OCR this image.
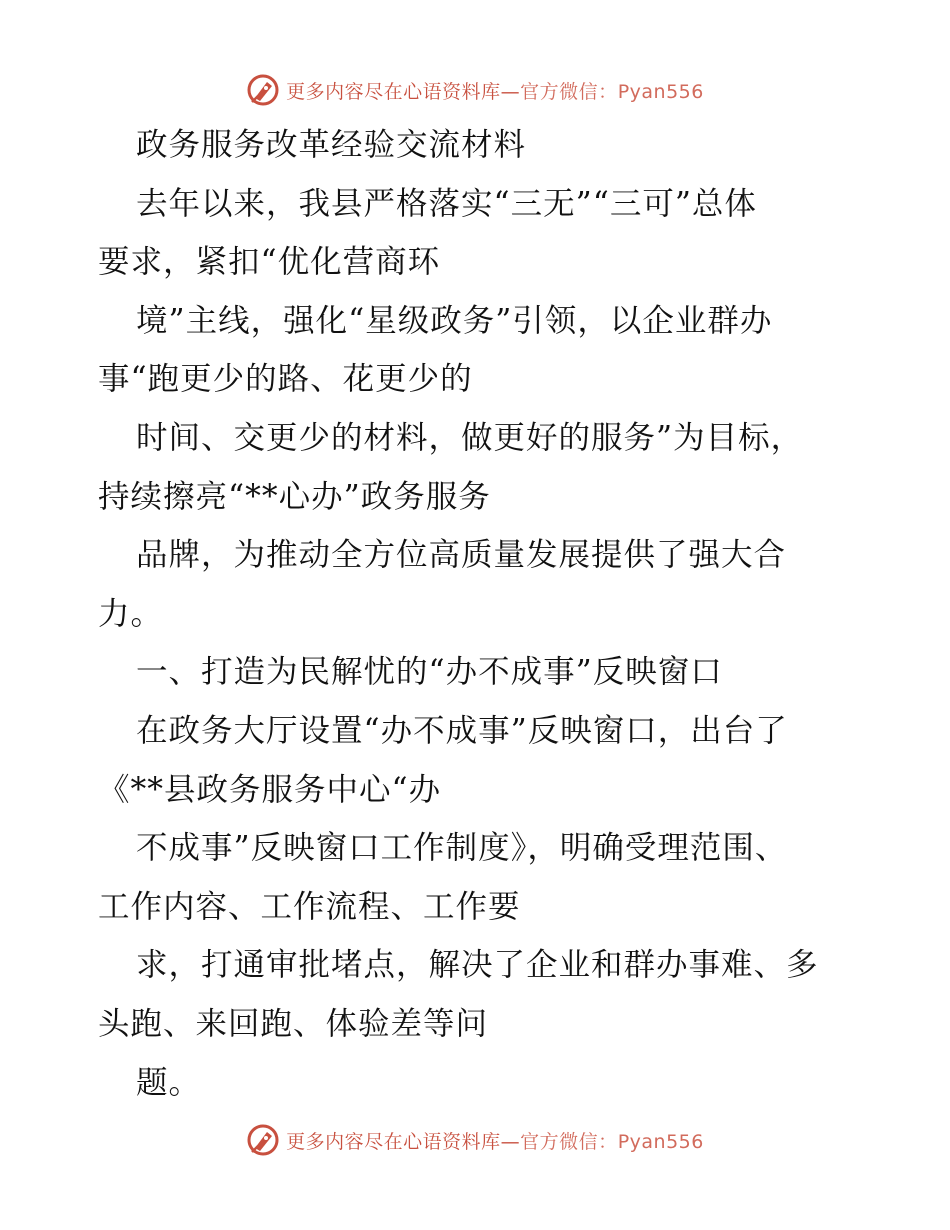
更多内容尽在心语资料库—官方微信：Pyan556
政务服务改革经验交流材料
去年以来，我县严格落实“三无”“三可”总体
要求，紧扣“优化营商环
境”主线，强化“星级政务”引领，以企业群办
事“跑更少的路、花更少的
时间、交更少的材料，做更好的服务”为目标，
持续擦亮“**心办”政务服务
品牌，为推动全方位高质量发展提供了强大合
力。
一、打造为民解忧的“办不成事”反映窗口
在政务大厅设置“办不成事”反映窗口，出台了
《**县政务服务中心“办
不成事”反映窗口工作制度》，明确受理范围、
工作内容、工作流程、工作要
求，打通审批堵点，解决了企业和群办事难、多
头跑、来回跑、体验差等问
题。
更多内容尽在心语资料库—官方微信：Pyan556
